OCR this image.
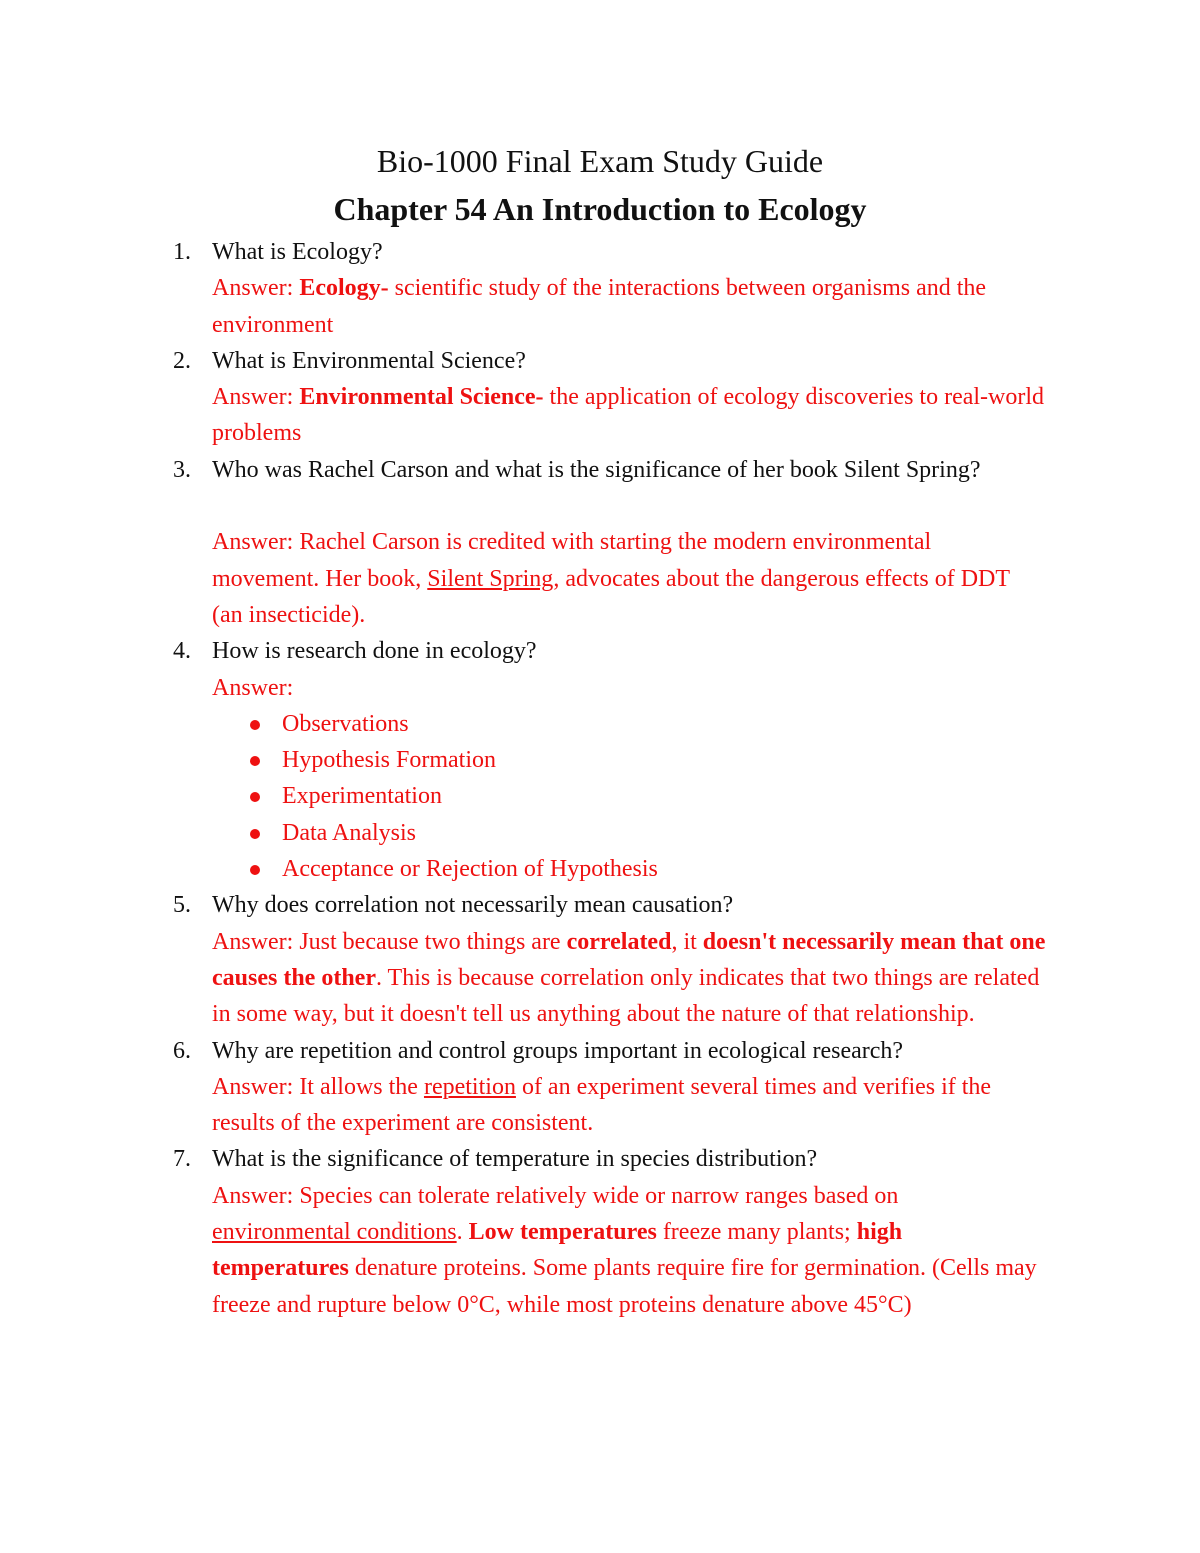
Bio-1000 Final Exam Study Guide
Chapter 54 An Introduction to Ecology
1. What is Ecology?
Answer: Ecology- scientific study of the interactions between organisms and the environment
2. What is Environmental Science?
Answer: Environmental Science- the application of ecology discoveries to real-world problems
3. Who was Rachel Carson and what is the significance of her book Silent Spring?
Answer: Rachel Carson is credited with starting the modern environmental movement. Her book, Silent Spring, advocates about the dangerous effects of DDT (an insecticide).
4. How is research done in ecology?
Answer:
Observations
Hypothesis Formation
Experimentation
Data Analysis
Acceptance or Rejection of Hypothesis
5. Why does correlation not necessarily mean causation?
Answer: Just because two things are correlated, it doesn't necessarily mean that one causes the other. This is because correlation only indicates that two things are related in some way, but it doesn't tell us anything about the nature of that relationship.
6. Why are repetition and control groups important in ecological research?
Answer: It allows the repetition of an experiment several times and verifies if the results of the experiment are consistent.
7. What is the significance of temperature in species distribution?
Answer: Species can tolerate relatively wide or narrow ranges based on environmental conditions. Low temperatures freeze many plants; high temperatures denature proteins. Some plants require fire for germination. (Cells may freeze and rupture below 0°C, while most proteins denature above 45°C)
